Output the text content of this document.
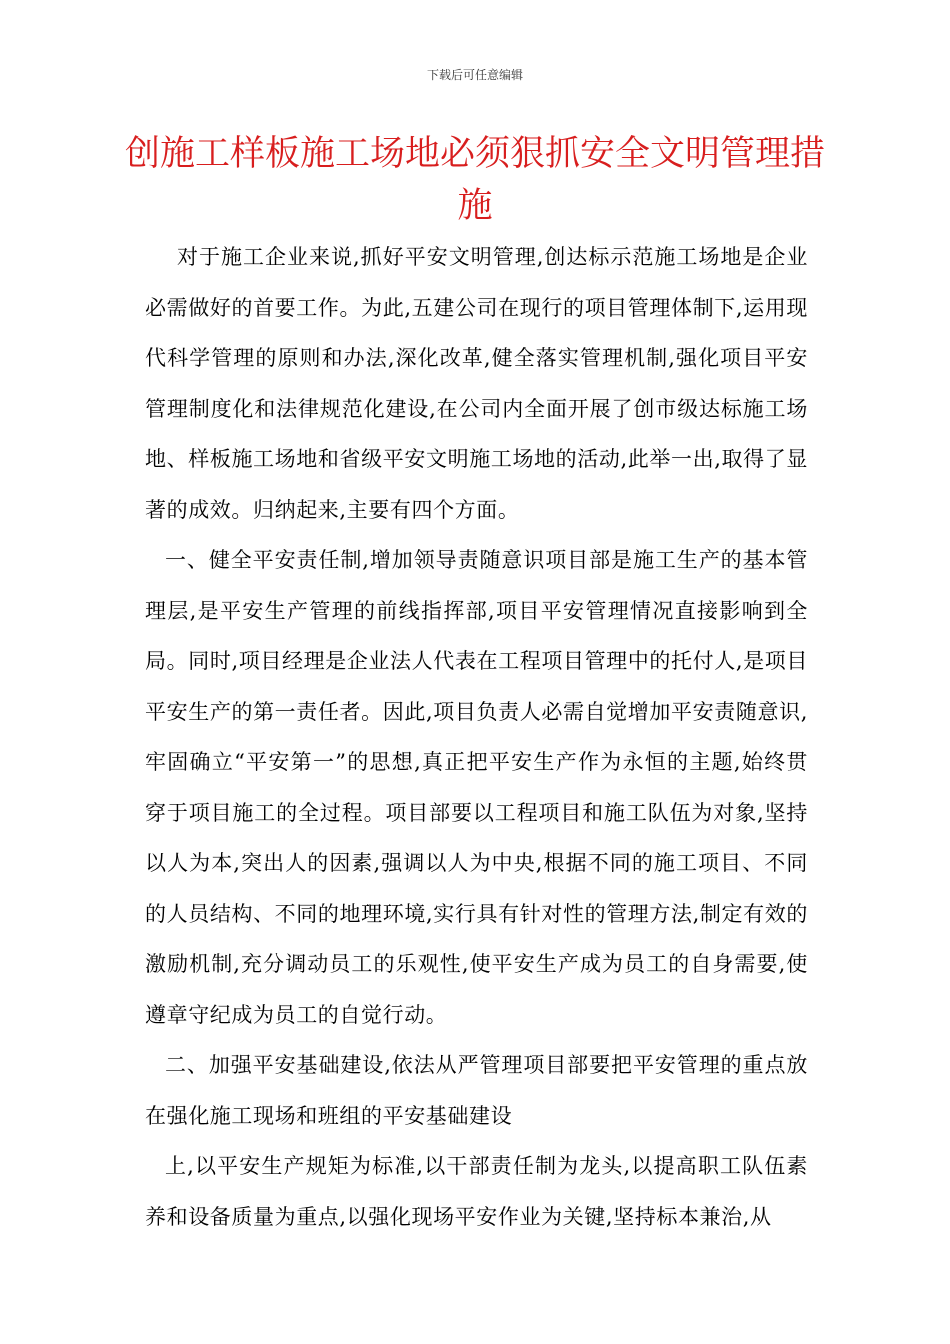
下载后可任意编辑
创施工样板施工场地必须狠抓安全文明管理措施

对于施工企业来说,抓好平安文明管理,创达标示范施工场地是企业必需做好的首要工作。为此,五建公司在现行的项目管理体制下,运用现代科学管理的原则和办法,深化改革,健全落实管理机制,强化项目平安管理制度化和法律规范化建设,在公司内全面开展了创市级达标施工场地、样板施工场地和省级平安文明施工场地的活动,此举一出,取得了显著的成效。归纳起来,主要有四个方面。

一、健全平安责任制,增加领导责随意识项目部是施工生产的基本管理层,是平安生产管理的前线指挥部,项目平安管理情况直接影响到全局。同时,项目经理是企业法人代表在工程项目管理中的托付人,是项目平安生产的第一责任者。因此,项目负责人必需自觉增加平安责随意识,牢固确立“平安第一”的思想,真正把平安生产作为永恒的主题,始终贯穿于项目施工的全过程。项目部要以工程项目和施工队伍为对象,坚持以人为本,突出人的因素,强调以人为中央,根据不同的施工项目、不同的人员结构、不同的地理环境,实行具有针对性的管理方法,制定有效的激励机制,充分调动员工的乐观性,使平安生产成为员工的自身需要,使遵章守纪成为员工的自觉行动。

二、加强平安基础建设,依法从严管理项目部要把平安管理的重点放在强化施工现场和班组的平安基础建设

上,以平安生产规矩为标准,以干部责任制为龙头,以提高职工队伍素养和设备质量为重点,以强化现场平安作业为关键,坚持标本兼治,从
